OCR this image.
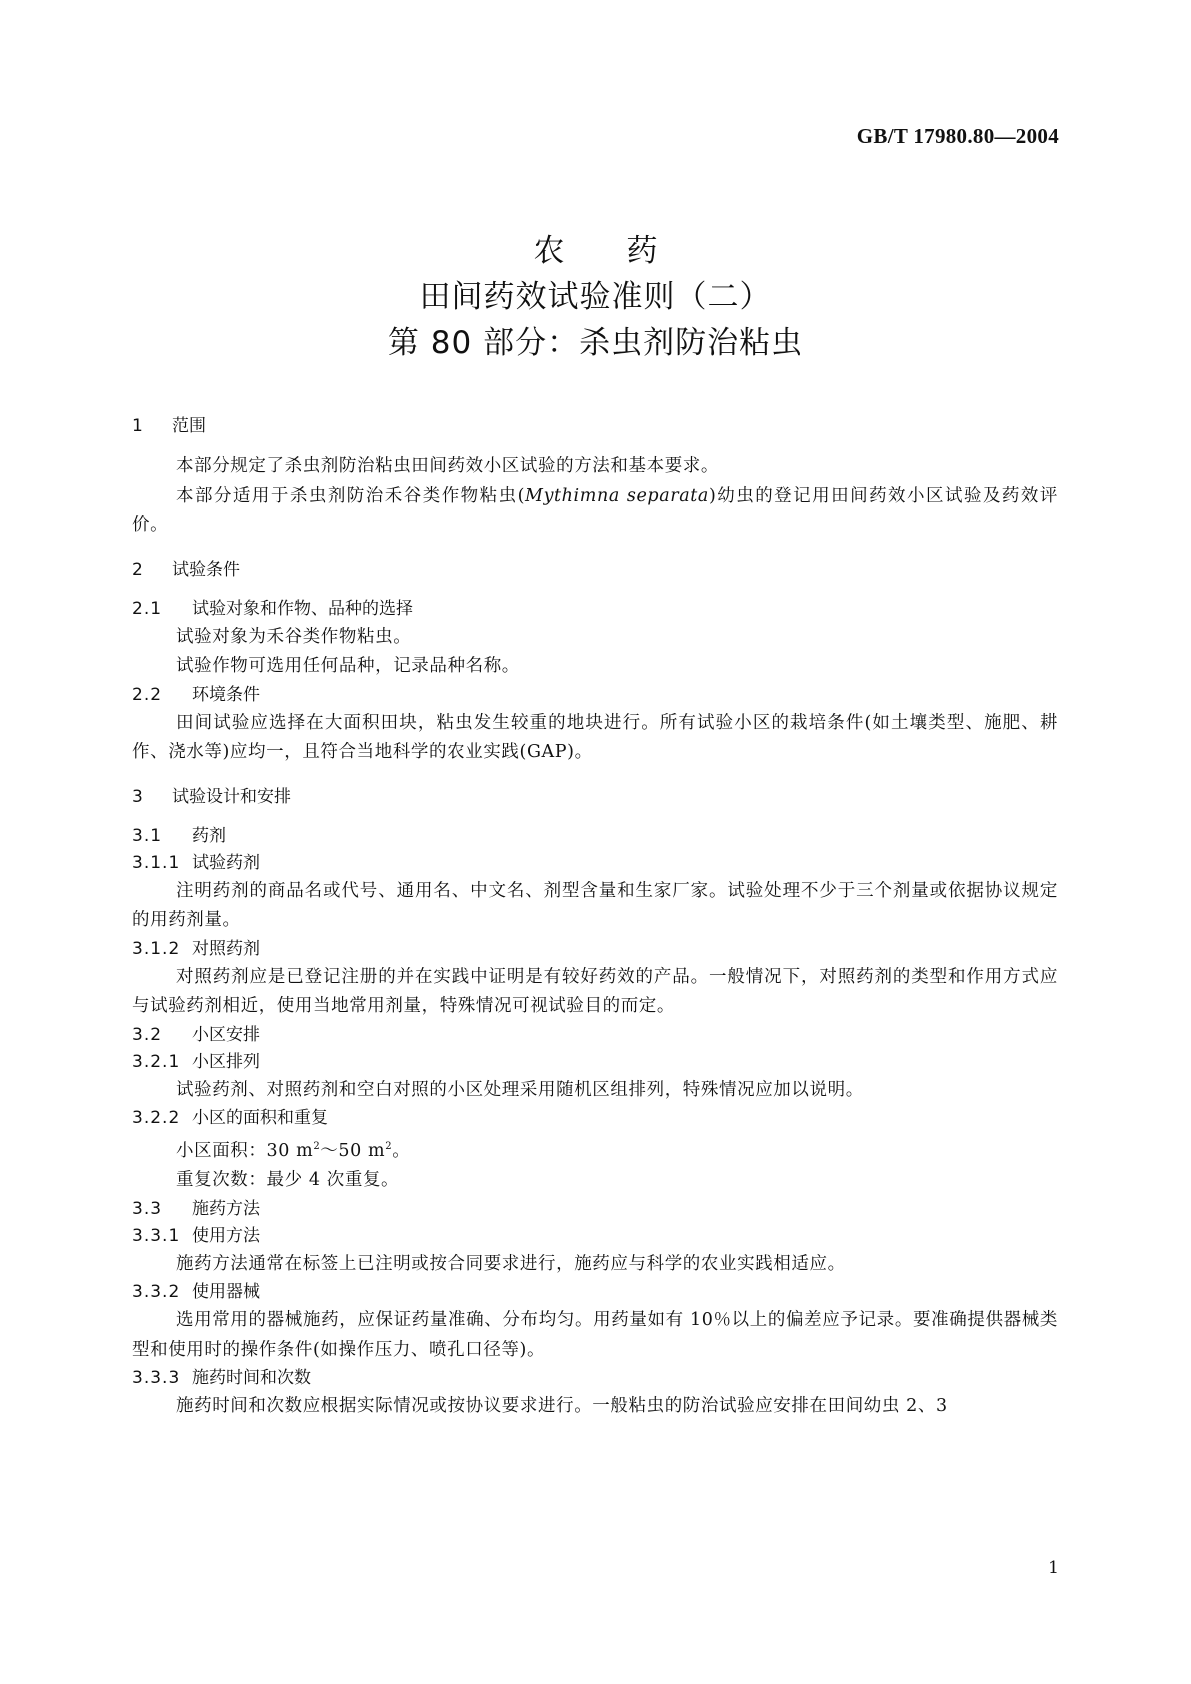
GB/T 17980.80—2004
农药
田间药效试验准则（二）
第 80 部分：杀虫剂防治粘虫
1 范围

本部分规定了杀虫剂防治粘虫田间药效小区试验的方法和基本要求。

本部分适用于杀虫剂防治禾谷类作物粘虫(Mythimna separata)幼虫的登记用田间药效小区试验及药效评价。

2 试验条件
2.1 试验对象和作物、品种的选择

试验对象为禾谷类作物粘虫。

试验作物可选用任何品种，记录品种名称。

2.2 环境条件

田间试验应选择在大面积田块，粘虫发生较重的地块进行。所有试验小区的栽培条件(如土壤类型、施肥、耕作、浇水等)应均一，且符合当地科学的农业实践(GAP)。

3 试验设计和安排
3.1 药剂
3.1.1 试验药剂

注明药剂的商品名或代号、通用名、中文名、剂型含量和生家厂家。试验处理不少于三个剂量或依据协议规定的用药剂量。

3.1.2 对照药剂

对照药剂应是已登记注册的并在实践中证明是有较好药效的产品。一般情况下，对照药剂的类型和作用方式应与试验药剂相近，使用当地常用剂量，特殊情况可视试验目的而定。

3.2 小区安排
3.2.1 小区排列

试验药剂、对照药剂和空白对照的小区处理采用随机区组排列，特殊情况应加以说明。

3.2.2 小区的面积和重复

小区面积：30 $m^2\sim 50$ $m^2$。

重复次数：最少 4 次重复。

3.3 施药方法
3.3.1 使用方法

施药方法通常在标签上已注明或按合同要求进行，施药应与科学的农业实践相适应。

3.3.2 使用器械

选用常用的器械施药，应保证药量准确、分布均匀。用药量如有 10％以上的偏差应予记录。要准确提供器械类型和使用时的操作条件(如操作压力、喷孔口径等)。

3.3.3 施药时间和次数

施药时间和次数应根据实际情况或按协议要求进行。一般粘虫的防治试验应安排在田间幼虫 2、3

1
